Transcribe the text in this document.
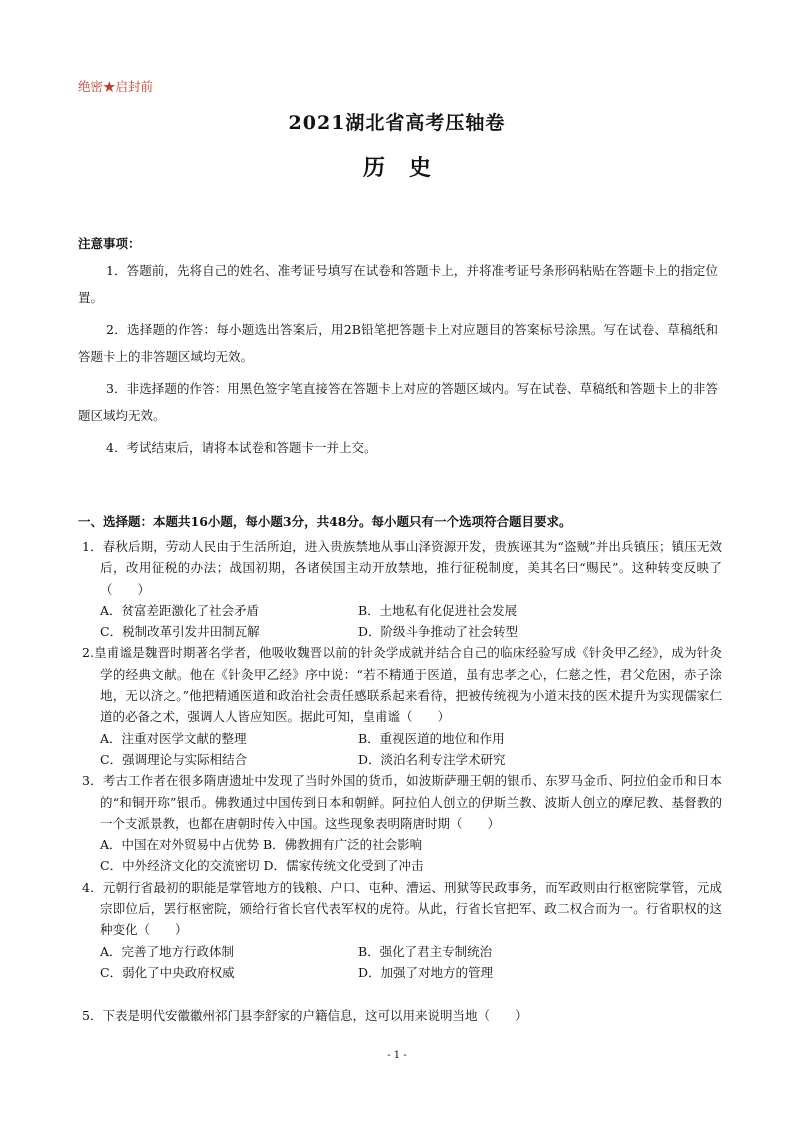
绝密★启封前
2021湖北省高考压轴卷
历史
注意事项：

1．答题前，先将自己的姓名、准考证号填写在试卷和答题卡上，并将准考证号条形码粘贴在答题卡上的指定位置。

2．选择题的作答：每小题选出答案后，用2B铅笔把答题卡上对应题目的答案标号涂黑。写在试卷、草稿纸和答题卡上的非答题区域均无效。

3．非选择题的作答：用黑色签字笔直接答在答题卡上对应的答题区域内。写在试卷、草稿纸和答题卡上的非答题区域均无效。

4．考试结束后，请将本试卷和答题卡一并上交。

一、选择题：本题共16小题，每小题3分，共48分。每小题只有一个选项符合题目要求。
1．春秋后期，劳动人民由于生活所迫，进入贵族禁地从事山泽资源开发，贵族诬其为“盗贼”并出兵镇压；镇压无效后，改用征税的办法；战国初期，各诸侯国主动开放禁地，推行征税制度，美其名曰“赐民”。这种转变反映了（　　）
A．贫富差距激化了社会矛盾	B．土地私有化促进社会发展
C．税制改革引发井田制瓦解	D．阶级斗争推动了社会转型
2.皇甫谧是魏晋时期著名学者，他吸收魏晋以前的针灸学成就并结合自己的临床经验写成《针灸甲乙经》，成为针灸学的经典文献。他在《针灸甲乙经》序中说：“若不精通于医道，虽有忠孝之心，仁慈之性，君父危困，赤子涂地，无以济之。”他把精通医道和政治社会责任感联系起来看待，把被传统视为小道末技的医术提升为实现儒家仁道的必备之术，强调人人皆应知医。据此可知，皇甫谧（　　）
A．注重对医学文献的整理	B．重视医道的地位和作用
C．强调理论与实际相结合	D．淡泊名利专注学术研究
3．考古工作者在很多隋唐遗址中发现了当时外国的货币，如波斯萨珊王朝的银币、东罗马金币、阿拉伯金币和日本的“和铜开珎”银币。佛教通过中国传到日本和朝鲜。阿拉伯人创立的伊斯兰教、波斯人创立的摩尼教、基督教的一个支派景教，也都在唐朝时传入中国。这些现象表明隋唐时期（　　）
A．中国在对外贸易中占优势 B．佛教拥有广泛的社会影响
C．中外经济文化的交流密切 D．儒家传统文化受到了冲击
4．元朝行省最初的职能是掌管地方的钱粮、户口、屯种、漕运、刑狱等民政事务，而军政则由行枢密院掌管，元成宗即位后，罢行枢密院，颁给行省长官代表军权的虎符。从此，行省长官把军、政二权合而为一。行省职权的这种变化（　　）
A．完善了地方行政体制	B．强化了君主专制统治
C．弱化了中央政府权威	D．加强了对地方的管理
5．下表是明代安徽徽州祁门县李舒家的户籍信息，这可以用来说明当地（　　）
- 1 -
